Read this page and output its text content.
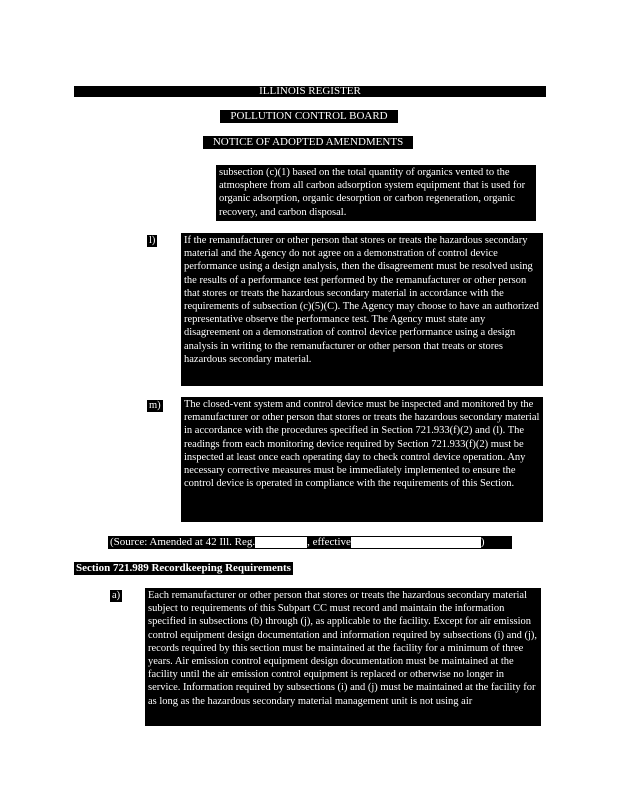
ILLINOIS REGISTER
POLLUTION CONTROL BOARD
NOTICE OF ADOPTED AMENDMENTS
subsection (c)(1) based on the total quantity of organics vented to the atmosphere from all carbon adsorption system equipment that is used for organic adsorption, organic desorption or carbon regeneration, organic recovery, and carbon disposal.
l)	If the remanufacturer or other person that stores or treats the hazardous secondary material and the Agency do not agree on a demonstration of control device performance using a design analysis, then the disagreement must be resolved using the results of a performance test performed by the remanufacturer or other person that stores or treats the hazardous secondary material in accordance with the requirements of subsection (c)(5)(C). The Agency may choose to have an authorized representative observe the performance test. The Agency must state any disagreement on a demonstration of control device performance using a design analysis in writing to the remanufacturer or other person that treats or stores hazardous secondary material.
m) The closed-vent system and control device must be inspected and monitored by the remanufacturer or other person that stores or treats the hazardous secondary material in accordance with the procedures specified in Section 721.933(f)(2) and (l). The readings from each monitoring device required by Section 721.933(f)(2) must be inspected at least once each operating day to check control device operation. Any necessary corrective measures must be immediately implemented to ensure the control device is operated in compliance with the requirements of this Section.
(Source: Amended at 42 Ill. Reg.	, effective	)
Section 721.989 Recordkeeping Requirements
a)	Each remanufacturer or other person that stores or treats the hazardous secondary material subject to requirements of this Subpart CC must record and maintain the information specified in subsections (b) through (j), as applicable to the facility. Except for air emission control equipment design documentation and information required by subsections (i) and (j), records required by this section must be maintained at the facility for a minimum of three years. Air emission control equipment design documentation must be maintained at the facility until the air emission control equipment is replaced or otherwise no longer in service. Information required by subsections (i) and (j) must be maintained at the facility for as long as the hazardous secondary material management unit is not using air
